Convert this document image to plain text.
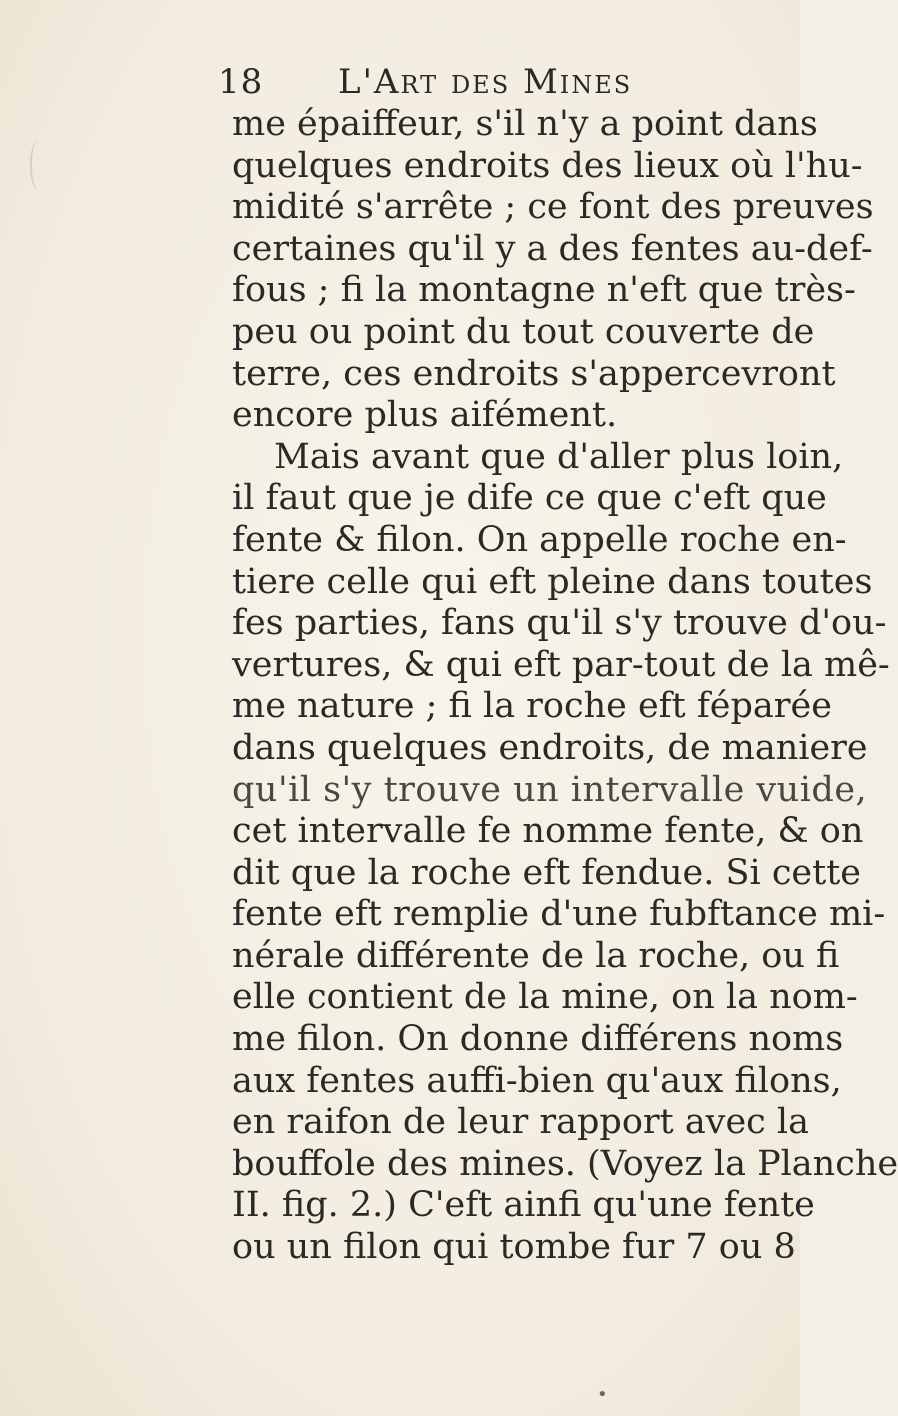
18 L'Art des Mines
me épaiffeur, s'il n'y a point dans
quelques endroits des lieux où l'hu-
midité s'arrête ; ce font des preuves
certaines qu'il y a des fentes au-def-
fous ; fi la montagne n'eft que très-
peu ou point du tout couverte de
terre, ces endroits s'appercevront
encore plus aifément.
Mais avant que d'aller plus loin,
il faut que je dife ce que c'eft que
fente & filon. On appelle roche en-
tiere celle qui eft pleine dans toutes
fes parties, fans qu'il s'y trouve d'ou-
vertures, & qui eft par-tout de la mê-
me nature ; fi la roche eft féparée
dans quelques endroits, de maniere
qu'il s'y trouve un intervalle vuide,
cet intervalle fe nomme fente, & on
dit que la roche eft fendue. Si cette
fente eft remplie d'une fubftance mi-
nérale différente de la roche, ou fi
elle contient de la mine, on la nom-
me filon. On donne différens noms
aux fentes auffi-bien qu'aux filons,
en raifon de leur rapport avec la
bouffole des mines. (Voyez la Planche
II. fig. 2.) C'eft ainfi qu'une fente
ou un filon qui tombe fur 7 ou 8
•
